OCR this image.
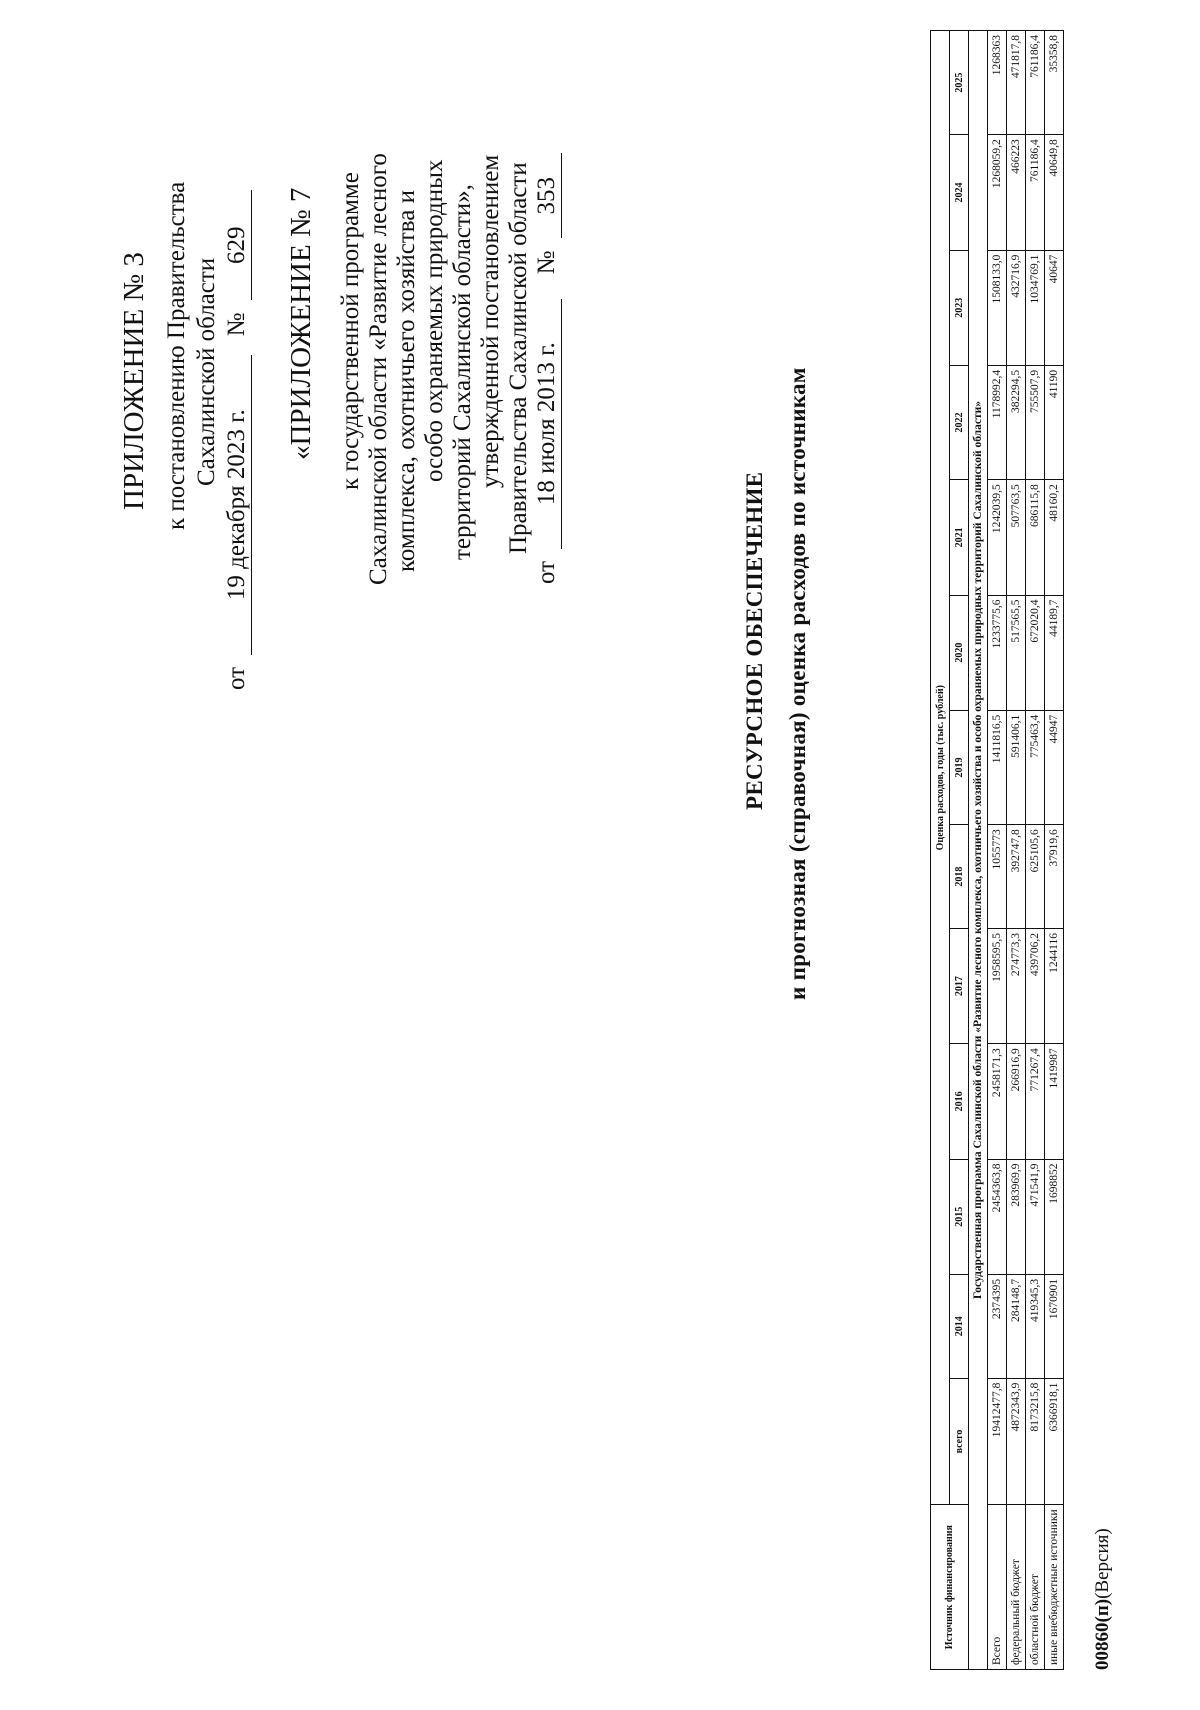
ПРИЛОЖЕНИЕ № 3 к постановлению Правительства Сахалинской области
от 19 декабря 2023 г. № 629 «ПРИЛОЖЕНИЕ № 7 к государственной программе Сахалинской области «Развитие лесного комплекса, охотничьего хозяйства и особо охраняемых природных территорий Сахалинской области», утвержденной постановлением Правительства Сахалинской области
от 18 июля 2013 г. № 353
РЕСУРСНОЕ ОБЕСПЕЧЕНИЕ и прогнозная (справочная) оценка расходов по источникам
Источник финансирования	Оценка расходов, годы (тыс. рублей)												
	всего	2014	2015	2016	2017	2018	2019	2020	2021	2022	2023	2024	2025
Государственная программа Сахалинской области «Развитие лесного комплекса, охотничьего хозяйства и особо охраняемых природных территорий Сахалинской области»													
Всего	19412477,8	2374395	2454363,8	2458171,3	1958595,5	1055773	1411816,5	1233775,6	1242039,5	1178992,4	1508133,0	1268059,2	1268363
федеральный бюджет	4872343,9	284148,7	283969,9	266916,9	274773,3	392747,8	591406,1	517565,5	507763,5	382294,5	432716,9	466223	471817,8
областной бюджет	8173215,8	419345,3	471541,9	771267,4	439706,2	625105,6	775463,4	672020,4	686115,8	755507,9	1034769,1	761186,4	761186,4
иные внебюджетные источники	6366918,1	1670901	1698852	1419987	1244116	37919,6	44947	44189,7	48160,2	41190	40647	40649,8	35358,8
00860(п)(Версия)
